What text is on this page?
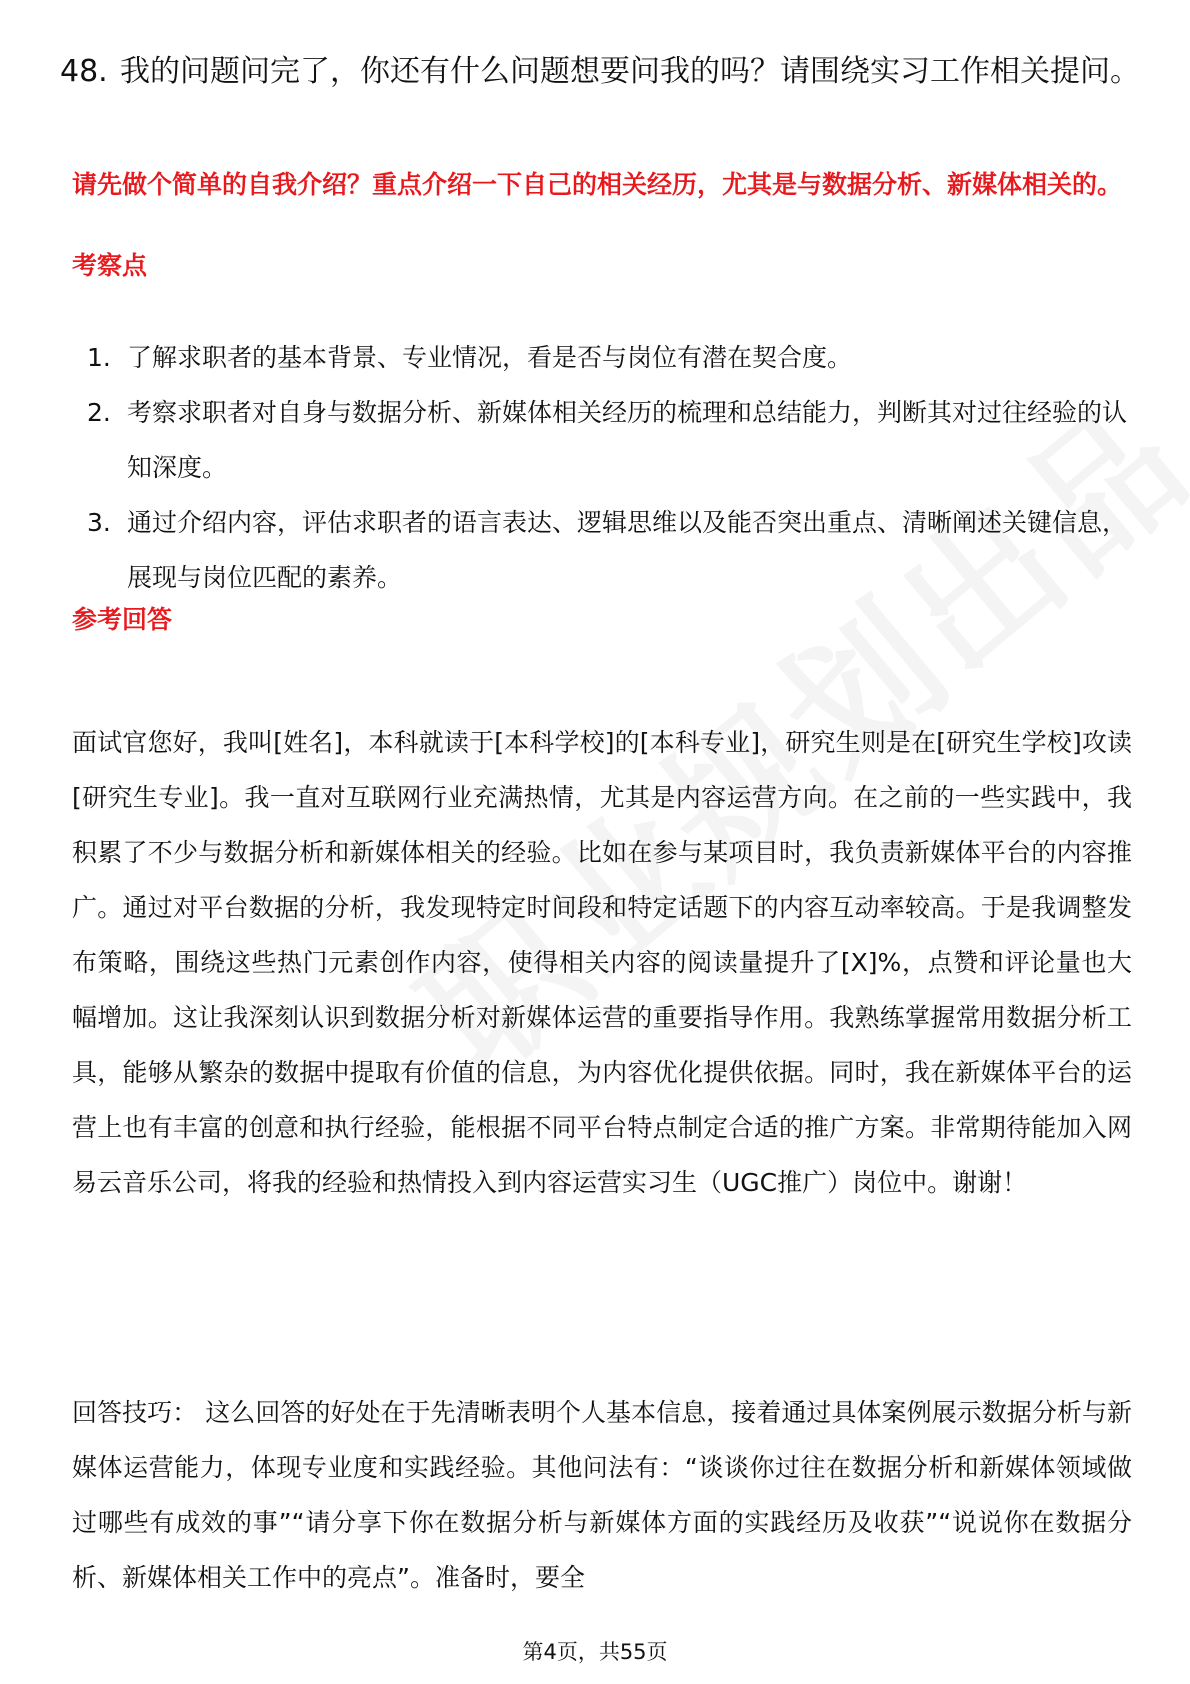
48. 我的问题问完了，你还有什么问题想要问我的吗？请围绕实习工作相关提问。
请先做个简单的自我介绍？重点介绍一下自己的相关经历，尤其是与数据分析、新媒体相关的。
考察点
1. 了解求职者的基本背景、专业情况，看是否与岗位有潜在契合度。
2. 考察求职者对自身与数据分析、新媒体相关经历的梳理和总结能力，判断其对过往经验的认知深度。
3. 通过介绍内容，评估求职者的语言表达、逻辑思维以及能否突出重点、清晰阐述关键信息，展现与岗位匹配的素养。
参考回答

面试官您好，我叫[姓名]，本科就读于[本科学校]的[本科专业]，研究生则是在[研究生学校]攻读[研究生专业]。我一直对互联网行业充满热情，尤其是内容运营方向。在之前的一些实践中，我积累了不少与数据分析和新媒体相关的经验。比如在参与某项目时，我负责新媒体平台的内容推广。通过对平台数据的分析，我发现特定时间段和特定话题下的内容互动率较高。于是我调整发布策略，围绕这些热门元素创作内容，使得相关内容的阅读量提升了[X]%，点赞和评论量也大幅增加。这让我深刻认识到数据分析对新媒体运营的重要指导作用。我熟练掌握常用数据分析工具，能够从繁杂的数据中提取有价值的信息，为内容优化提供依据。同时，我在新媒体平台的运营上也有丰富的创意和执行经验，能根据不同平台特点制定合适的推广方案。非常期待能加入网易云音乐公司，将我的经验和热情投入到内容运营实习生（UGC推广）岗位中。谢谢！

回答技巧： 这么回答的好处在于先清晰表明个人基本信息，接着通过具体案例展示数据分析与新媒体运营能力，体现专业度和实践经验。其他问法有：“谈谈你过往在数据分析和新媒体领域做过哪些有成效的事”“请分享下你在数据分析与新媒体方面的实践经历及收获”“说说你在数据分析、新媒体相关工作中的亮点”。准备时，要全

第4页，共55页
